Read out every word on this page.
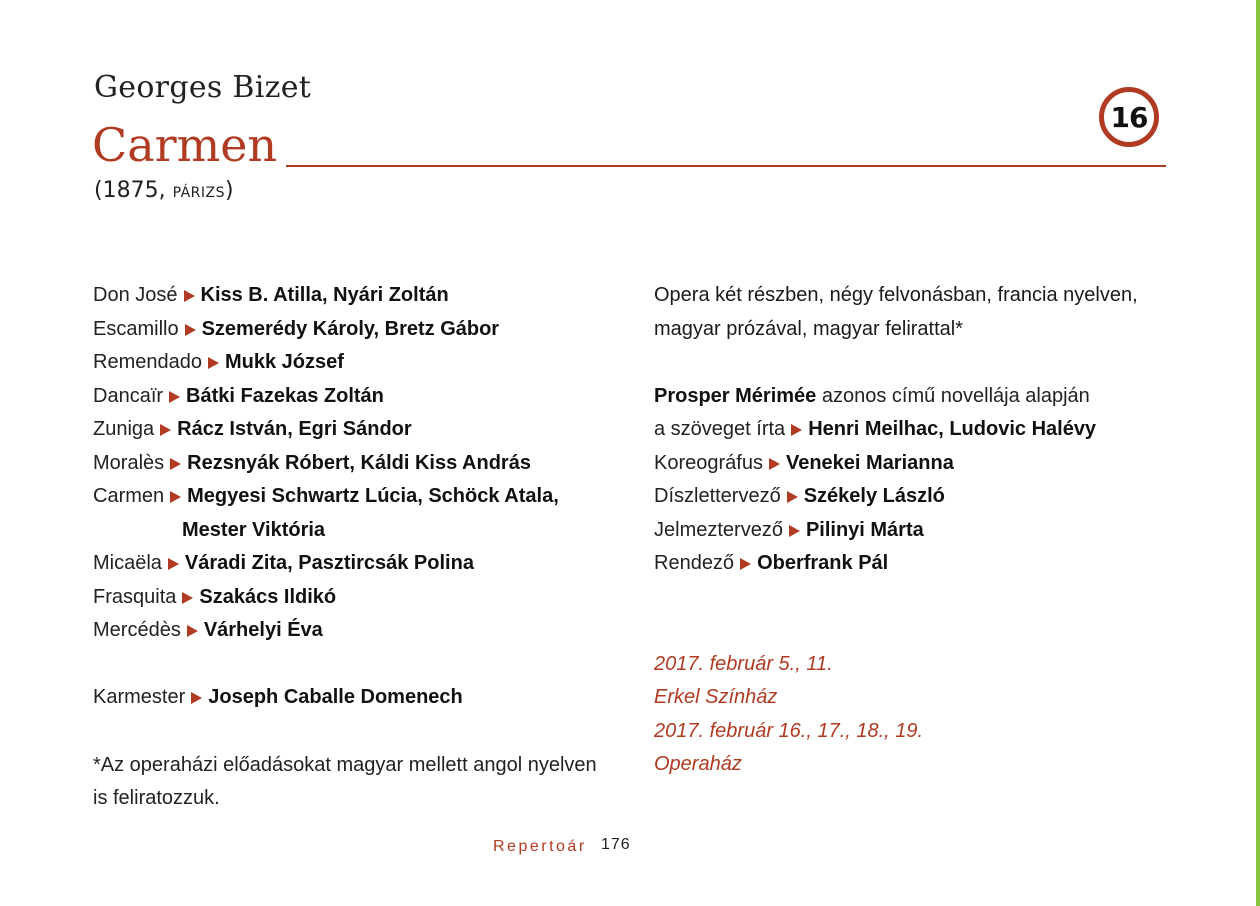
Georges Bizet
Carmen
16
(1875, PÁRIZS)
Don José Kiss B. Atilla, Nyári Zoltán
Escamillo Szemerédy Károly, Bretz Gábor
Remendado Mukk József
Dancaïr Bátki Fazekas Zoltán
Zuniga Rácz István, Egri Sándor
Moralès Rezsnyák Róbert, Káldi Kiss András
Carmen Megyesi Schwartz Lúcia, Schöck Atala,
Mester Viktória
Micaëla Váradi Zita, Pasztircsák Polina
Frasquita Szakács Ildikó
Mercédès Várhelyi Éva
Karmester Joseph Caballe Domenech
*Az operaházi előadásokat magyar mellett angol nyelven is feliratozzuk.
Opera két részben, négy felvonásban, francia nyelven,
magyar prózával, magyar felirattal*
Prosper Mérimée azonos című novellája alapján
a szöveget írta Henri Meilhac, Ludovic Halévy
Koreográfus Venekei Marianna
Díszlettervező Székely László
Jelmeztervező Pilinyi Márta
Rendező Oberfrank Pál
2017. február 5., 11.
Erkel Színház
2017. február 16., 17., 18., 19.
Operaház
Repertoár 176
